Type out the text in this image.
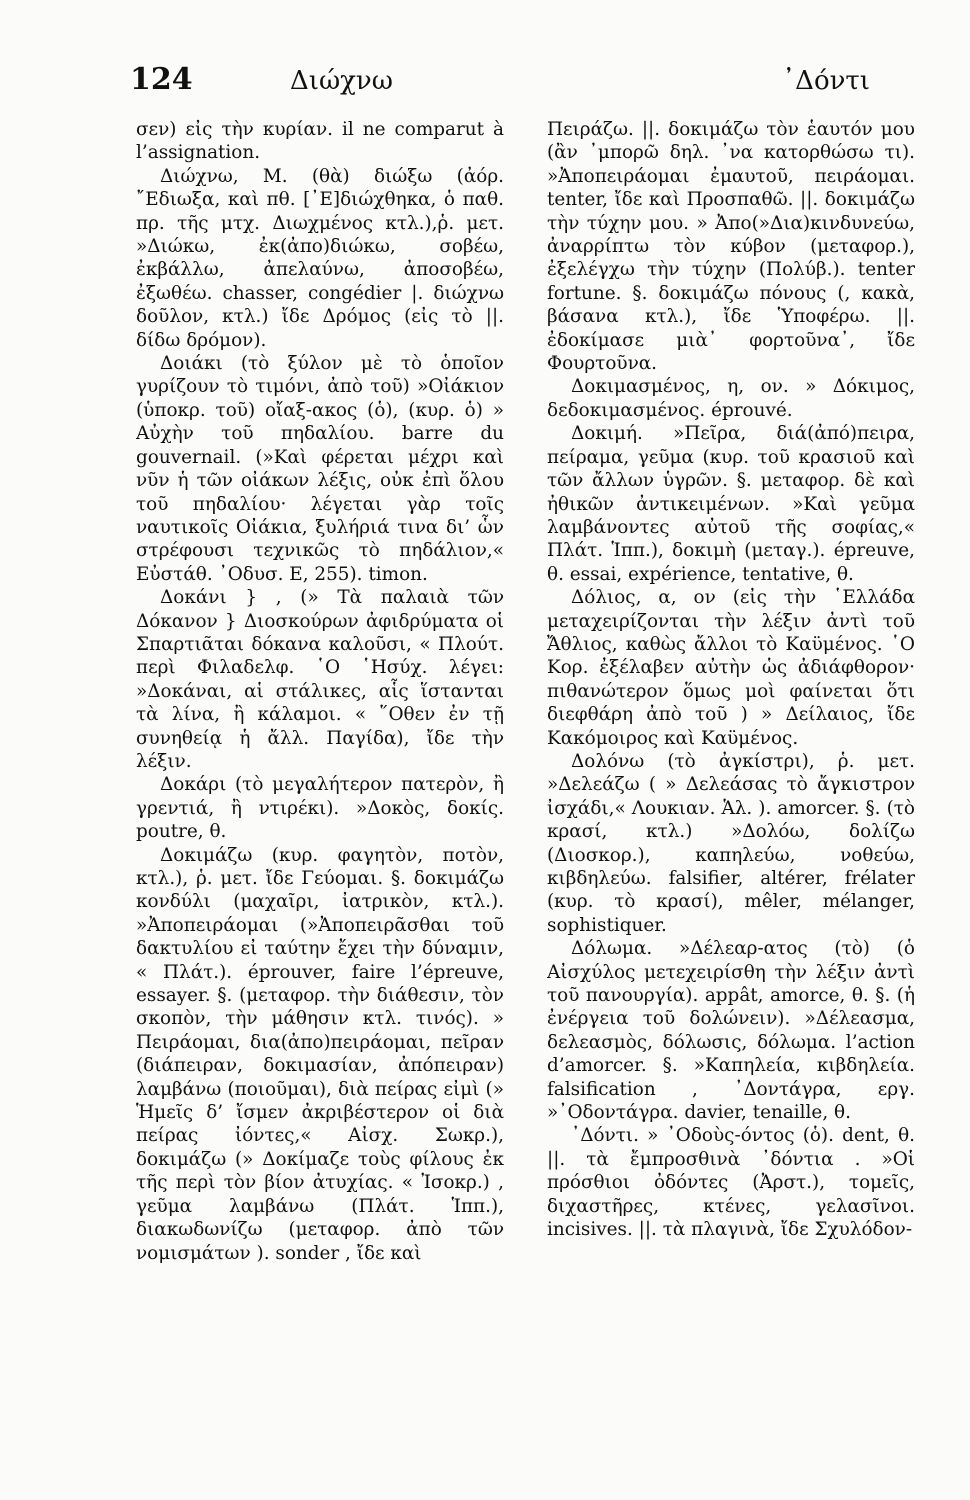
124	Διώχνω	᾽Δόντι

σεν) εἰς τὴν κυρίαν. il ne comparut à l’assignation.

Διώχνω, Μ. (θὰ) διώξω (ἀόρ. ῎Εδιωξα, καὶ πθ. [᾽Ε]διώχθηκα, ὁ παθ. πρ. τῆς μτχ. Διωχμένος κτλ.),ῥ. μετ. »Διώκω, ἐκ(ἀπο)διώκω, σοβέω, ἐκβάλλω, ἀπελαύνω, ἀποσοβέω, ἐξωθέω. chasser, congédier |. διώχνω δοῦλον, κτλ.) ἴδε Δρόμος (εἰς τὸ ||. δίδω δρόμον).

Δοιάκι (τὸ ξύλον μὲ τὸ ὁποῖον γυρίζουν τὸ τιμόνι, ἀπὸ τοῦ) »Οἰάκιον (ὑποκρ. τοῦ) οἴαξ-ακος (ὁ), (κυρ. ὁ) » Αὐχὴν τοῦ πηδαλίου. barre du gouvernail. (»Καὶ φέρεται μέχρι καὶ νῦν ἡ τῶν οἰάκων λέξις, οὐκ ἐπὶ ὅλου τοῦ πηδαλίου· λέγεται γὰρ τοῖς ναυτικοῖς Οἰάκια, ξυλήριά τινα δι’ ὧν στρέφουσι τεχνικῶς τὸ πηδάλιον,« Εὐστάθ. ᾿Οδυσ. Ε, 255). timon.

Δοκάνι } , (» Τὰ παλαιὰ τῶν Δόκανον } Διοσκούρων ἀφιδρύματα οἱ Σπαρτιᾶται δόκανα καλοῦσι, « Πλούτ. περὶ Φιλαδελφ. ῾Ο ῾Ησύχ. λέγει: »Δοκάναι, αἱ στάλικες, αἷς ἵστανται τὰ λίνα, ἢ κάλαμοι. « ῞Οθεν ἐν τῇ συνηθείᾳ ἡ ἄλλ. Παγίδα), ἴδε τὴν λέξιν.

Δοκάρι (τὸ μεγαλήτερον πατερὸν, ἢ γρεντιά, ἢ ντιρέκι). »Δοκὸς, δοκίς. poutre, θ.

Δοκιμάζω (κυρ. φαγητὸν, ποτὸν, κτλ.), ῥ. μετ. ἴδε Γεύομαι. §. δοκιμάζω κονδύλι (μαχαῖρι, ἰατρικὸν, κτλ.). »Ἀποπειράομαι (»Ἀποπειρᾶσθαι τοῦ δακτυλίου εἰ ταύτην ἔχει τὴν δύναμιν, « Πλάτ.). éprouver, faire l’épreuve, essayer. §. (μεταφορ. τὴν διάθεσιν, τὸν σκοπὸν, τὴν μάθησιν κτλ. τινός). » Πειράομαι, δια(ἀπο)πειράομαι, πεῖραν (διάπειραν, δοκιμασίαν, ἀπόπειραν) λαμβάνω (ποιοῦμαι), διὰ πείρας εἰμὶ (» Ἡμεῖς δ’ ἴσμεν ἀκριβέστερον οἱ διὰ πείρας ἰόντες,« Αἰσχ. Σωκρ.), δοκιμάζω (» Δοκίμαζε τοὺς φίλους ἐκ τῆς περὶ τὸν βίον ἀτυχίας. « Ἰσοκρ.) , γεῦμα λαμβάνω (Πλάτ. Ἱππ.), διακωδωνίζω (μεταφορ. ἀπὸ τῶν νομισμάτων ). sonder , ἴδε καὶ

Πειράζω. ||. δοκιμάζω τὸν ἑαυτόν μου (ἂν ᾽μπορῶ δηλ. ᾽να κατορθώσω τι). »Ἀποπειράομαι ἐμαυτοῦ, πειράομαι. tenter, ἴδε καὶ Προσπαθῶ. ||. δοκιμάζω τὴν τύχην μου. » Ἀπο(»Δια)κινδυνεύω, ἀναρρίπτω τὸν κύβον (μεταφορ.), ἐξελέγχω τὴν τύχην (Πολύβ.). tenter fortune. §. δοκιμάζω πόνους (, κακὰ, βάσανα κτλ.), ἴδε Ὑποφέρω. ||. ἐδοκίμασε μιὰ᾽ φορτοῦνα᾽, ἴδε Φουρτοῦνα.

Δοκιμασμένος, η, ον. » Δόκιμος, δεδοκιμασμένος. éprouvé.

Δοκιμή. »Πεῖρα, διά(ἀπό)πειρα, πείραμα, γεῦμα (κυρ. τοῦ κρασιοῦ καὶ τῶν ἄλλων ὑγρῶν. §. μεταφορ. δὲ καὶ ἠθικῶν ἀντικειμένων. »Καὶ γεῦμα λαμβάνοντες αὐτοῦ τῆς σοφίας,« Πλάτ. Ἱππ.), δοκιμὴ (μεταγ.). épreuve, θ. essai, expérience, tentative, θ.

Δόλιος, α, ον (εἰς τὴν ῾Ελλάδα μεταχειρίζονται τὴν λέξιν ἀντὶ τοῦ Ἄθλιος, καθὼς ἄλλοι τὸ Καϋμένος. ῾Ο Κορ. ἐξέλαβεν αὐτὴν ὡς ἀδιάφθορον· πιθανώτερον ὅμως μοὶ φαίνεται ὅτι διεφθάρη ἀπὸ τοῦ ) » Δείλαιος, ἴδε Κακόμοιρος καὶ Καϋμένος.

Δολόνω (τὸ ἀγκίστρι), ῥ. μετ. »Δελεάζω ( » Δελεάσας τὸ ἄγκιστρον ἰσχάδι,« Λουκιαν. Ἁλ. ). amorcer. §. (τὸ κρασί, κτλ.) »Δολόω, δολίζω (Διοσκορ.), καπηλεύω, νοθεύω, κιβδηλεύω. falsifier, altérer, frélater (κυρ. τὸ κρασί), mêler, mélanger, sophistiquer.

Δόλωμα. »Δέλεαρ-ατος (τὸ) (ὁ Αἰσχύλος μετεχειρίσθη τὴν λέξιν ἀντὶ τοῦ πανουργία). appât, amorce, θ. §. (ἡ ἐνέργεια τοῦ δολώνειν). »Δέλεασμα, δελεασμὸς, δόλωσις, δόλωμα. l’action d’amorcer. §. »Καπηλεία, κιβδηλεία. falsification , ᾽Δοντάγρα, εργ. »᾽Οδοντάγρα. davier, tenaille, θ.

᾽Δόντι. » ᾽Οδοὺς-όντος (ὁ). dent, θ. ||. τὰ ἔμπροσθινὰ ᾽δόντια . »Οἱ πρόσθιοι ὀδόντες (Ἀρστ.), τομεῖς, διχαστῆρες, κτένες, γελασῖνοι. incisives. ||. τὰ πλαγινὰ, ἴδε Σχυλόδον-
